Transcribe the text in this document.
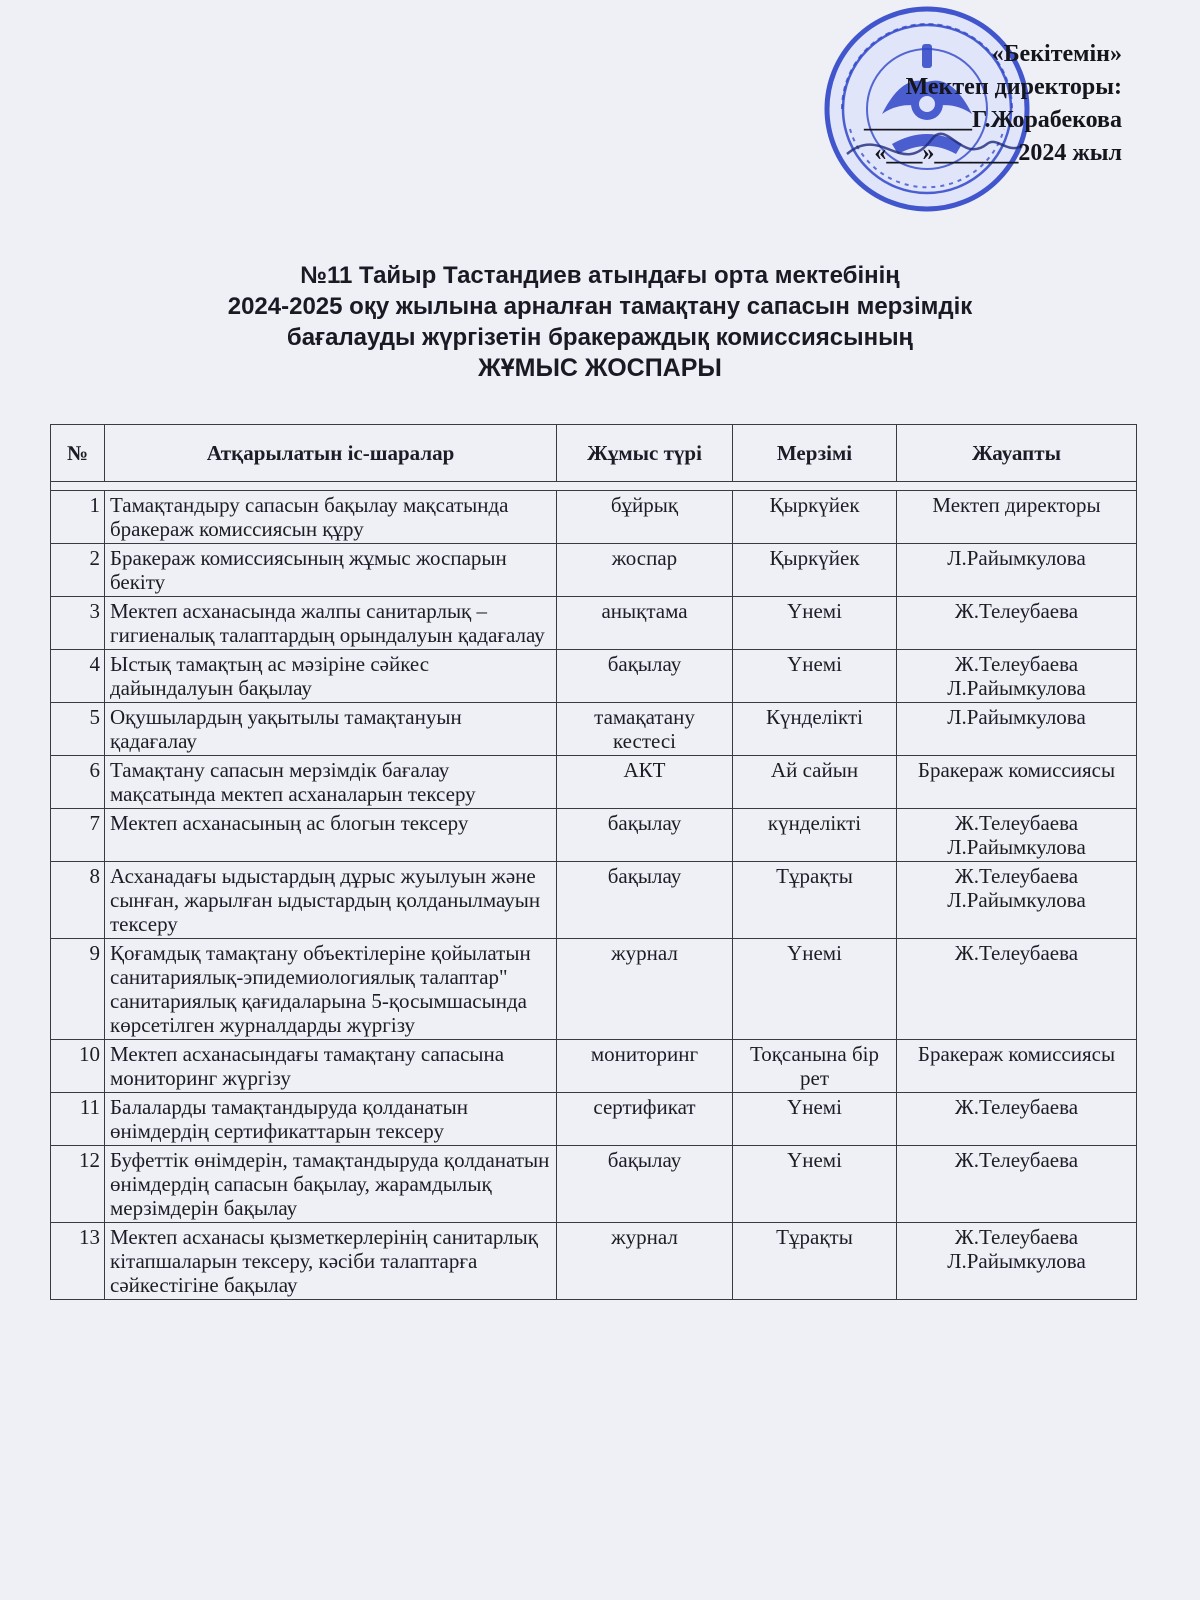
«Бекітемін»
Мектеп директоры:
_________Г.Жорабекова
«___»_______2024 жыл
№11 Тайыр Тастандиев атындағы орта мектебінің
2024-2025 оқу жылына арналған тамақтану сапасын мерзімдік
бағалауды жүргізетін бракераждық комиссиясының
ЖҰМЫС ЖОСПАРЫ
№	Атқарылатын іс-шаралар	Жұмыс түрі	Мерзімі	Жауапты

1	Тамақтандыру сапасын бақылау мақсатында бракераж комиссиясын құру	бұйрық	Қыркүйек	Мектеп директоры

2	Бракераж комиссиясының жұмыс жоспарын бекіту	жоспар	Қыркүйек	Л.Райымкулова

3	Мектеп асханасында жалпы санитарлық – гигиеналық талаптардың орындалуын қадағалау	анықтама	Үнемі	Ж.Телеубаева

4	Ыстық тамақтың ас мәзіріне сәйкес дайындалуын бақылау	бақылау	Үнемі	Ж.Телеубаева
Л.Райымкулова

5	Оқушылардың уақытылы тамақтануын қадағалау	тамақатану кестесі	Күнделікті	Л.Райымкулова

6	Тамақтану сапасын мерзімдік бағалау мақсатында мектеп асханаларын тексеру	АКТ	Ай сайын	Бракераж комиссиясы

7	Мектеп асханасының ас блогын тексеру	бақылау	күнделікті	Ж.Телеубаева
Л.Райымкулова

8	Асханадағы ыдыстардың дұрыс жуылуын және сынған, жарылған ыдыстардың қолданылмауын тексеру	бақылау	Тұрақты	Ж.Телеубаева
Л.Райымкулова

9	Қоғамдық тамақтану объектілеріне қойылатын санитариялық-эпидемиологиялық талаптар" санитариялық қағидаларына 5-қосымшасында көрсетілген журналдарды жүргізу	журнал	Үнемі	Ж.Телеубаева

10	Мектеп асханасындағы тамақтану сапасына мониторинг жүргізу	мониторинг	Тоқсанына бір рет	Бракераж комиссиясы

11	Балаларды тамақтандыруда қолданатын өнімдердің сертификаттарын тексеру	сертификат	Үнемі	Ж.Телеубаева

12	Буфеттік өнімдерін, тамақтандыруда қолданатын өнімдердің сапасын бақылау, жарамдылық мерзімдерін бақылау	бақылау	Үнемі	Ж.Телеубаева

13	Мектеп асханасы қызметкерлерінің санитарлық кітапшаларын тексеру, кәсіби талаптарға сәйкестігіне бақылау	журнал	Тұрақты	Ж.Телеубаева
Л.Райымкулова
